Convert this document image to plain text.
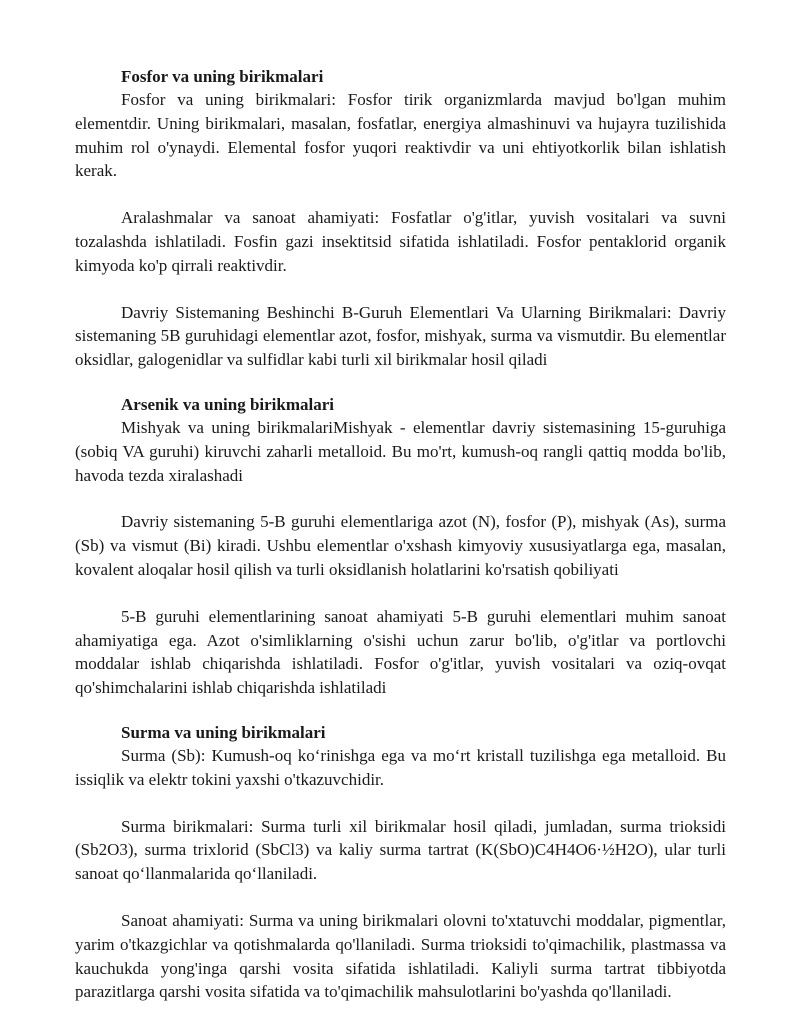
Fosfor va uning birikmalari

Fosfor va uning birikmalari: Fosfor tirik organizmlarda mavjud bo'lgan muhim elementdir. Uning birikmalari, masalan, fosfatlar, energiya almashinuvi va hujayra tuzilishida muhim rol o'ynaydi. Elemental fosfor yuqori reaktivdir va uni ehtiyotkorlik bilan ishlatish kerak.

Aralashmalar va sanoat ahamiyati: Fosfatlar o'g'itlar, yuvish vositalari va suvni tozalashda ishlatiladi. Fosfin gazi insektitsid sifatida ishlatiladi. Fosfor pentaklorid organik kimyoda ko'p qirrali reaktivdir.

Davriy Sistemaning Beshinchi B-Guruh Elementlari Va Ularning Birikmalari: Davriy sistemaning 5B guruhidagi elementlar azot, fosfor, mishyak, surma va vismutdir. Bu elementlar oksidlar, galogenidlar va sulfidlar kabi turli xil birikmalar hosil qiladi

Arsenik va uning birikmalari

Mishyak va uning birikmalariMishyak - elementlar davriy sistemasining 15-guruhiga (sobiq VA guruhi) kiruvchi zaharli metalloid. Bu mo'rt, kumush-oq rangli qattiq modda bo'lib, havoda tezda xiralashadi

Davriy sistemaning 5-B guruhi elementlariga azot (N), fosfor (P), mishyak (As), surma (Sb) va vismut (Bi) kiradi. Ushbu elementlar o'xshash kimyoviy xususiyatlarga ega, masalan, kovalent aloqalar hosil qilish va turli oksidlanish holatlarini ko'rsatish qobiliyati

5-B guruhi elementlarining sanoat ahamiyati 5-B guruhi elementlari muhim sanoat ahamiyatiga ega. Azot o'simliklarning o'sishi uchun zarur bo'lib, o'g'itlar va portlovchi moddalar ishlab chiqarishda ishlatiladi. Fosfor o'g'itlar, yuvish vositalari va oziq-ovqat qo'shimchalarini ishlab chiqarishda ishlatiladi

Surma va uning birikmalari

Surma (Sb): Kumush-oq koʻrinishga ega va moʻrt kristall tuzilishga ega metalloid. Bu issiqlik va elektr tokini yaxshi o'tkazuvchidir.

Surma birikmalari: Surma turli xil birikmalar hosil qiladi, jumladan, surma trioksidi (Sb2O3), surma trixlorid (SbCl3) va kaliy surma tartrat (K(SbO)C4H4O6·½H2O), ular turli sanoat qoʻllanmalarida qoʻllaniladi.

Sanoat ahamiyati: Surma va uning birikmalari olovni to'xtatuvchi moddalar, pigmentlar, yarim o'tkazgichlar va qotishmalarda qo'llaniladi. Surma trioksidi to'qimachilik, plastmassa va kauchukda yong'inga qarshi vosita sifatida ishlatiladi. Kaliyli surma tartrat tibbiyotda parazitlarga qarshi vosita sifatida va to'qimachilik mahsulotlarini bo'yashda qo'llaniladi.
